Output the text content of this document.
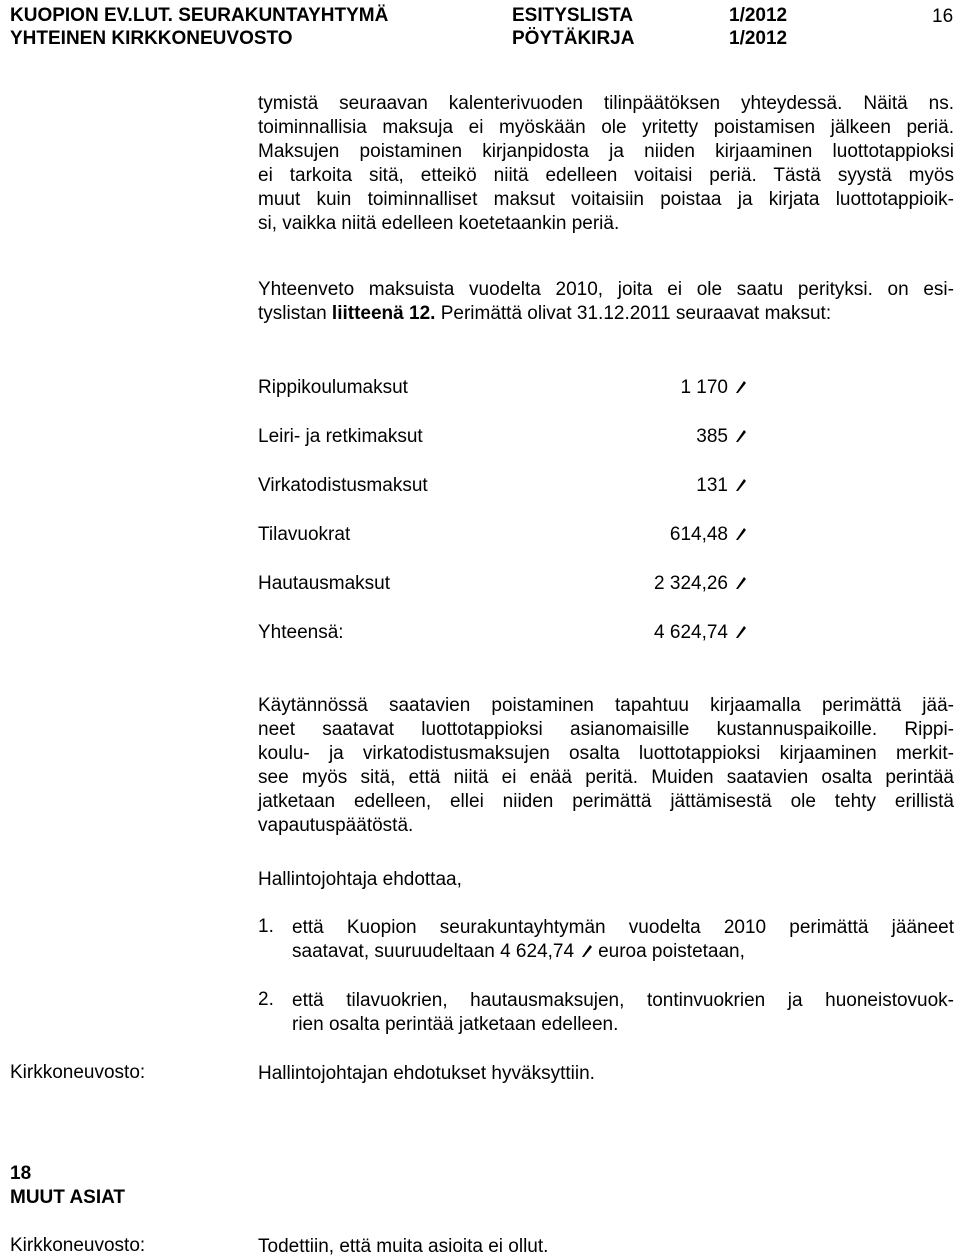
KUOPION EV.LUT. SEURAKUNTAYHTYMÄ
YHTEINEN KIRKKONEUVOSTO
ESITYSLISTA
PÖYTÄKIRJA
1/2012
1/2012
16
tymistä seuraavan kalenterivuoden tilinpäätöksen yhteydessä. Näitä ns.
toiminnallisia maksuja ei myöskään ole yritetty poistamisen jälkeen periä.
Maksujen poistaminen kirjanpidosta ja niiden kirjaaminen luottotappioksi
ei tarkoita sitä, etteikö niitä edelleen voitaisi periä. Tästä syystä myös
muut kuin toiminnalliset maksut voitaisiin poistaa ja kirjata luottotappioik-
si, vaikka niitä edelleen koetetaankin periä.
Yhteenveto maksuista vuodelta 2010, joita ei ole saatu perityksi. on esi-
tyslistan liitteenä 12. Perimättä olivat 31.12.2011 seuraavat maksut:
Rippikoulumaksut	1 170
Leiri- ja retkimaksut	385
Virkatodistusmaksut	131
Tilavuokrat	614,48
Hautausmaksut	2 324,26
Yhteensä:	4 624,74
Käytännössä saatavien poistaminen tapahtuu kirjaamalla perimättä jää-
neet saatavat luottotappioksi asianomaisille kustannuspaikoille. Rippi-
koulu- ja virkatodistusmaksujen osalta luottotappioksi kirjaaminen merkit-
see myös sitä, että niitä ei enää peritä. Muiden saatavien osalta perintää
jatketaan edelleen, ellei niiden perimättä jättämisestä ole tehty erillistä
vapautuspäätöstä.
Hallintojohtaja ehdottaa,
1. että Kuopion seurakuntayhtymän vuodelta 2010 perimättä jääneet
saatavat, suuruudeltaan 4 624,74 euroa poistetaan,
2. että tilavuokrien, hautausmaksujen, tontinvuokrien ja huoneistovuok-
rien osalta perintää jatketaan edelleen.
Kirkkoneuvosto:	Hallintojohtajan ehdotukset hyväksyttiin.
18
MUUT ASIAT
Kirkkoneuvosto:	Todettiin, että muita asioita ei ollut.
